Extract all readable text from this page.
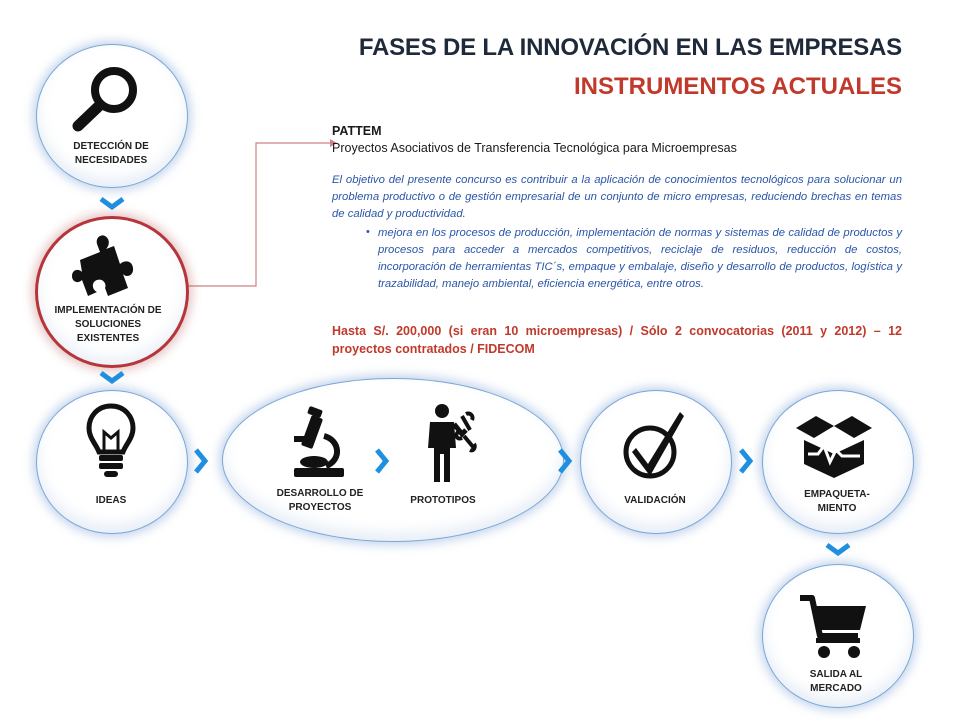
FASES DE LA INNOVACIÓN EN LAS EMPRESAS
INSTRUMENTOS ACTUALES
PATTEM
Proyectos Asociativos de Transferencia Tecnológica para Microempresas
El objetivo del presente concurso es contribuir a la aplicación de conocimientos tecnológicos para solucionar un problema productivo o de gestión empresarial de un conjunto de micro empresas, reduciendo brechas en temas de calidad y productividad.
• mejora en los procesos de producción, implementación de normas y sistemas de calidad de productos y procesos para acceder a mercados competitivos, reciclaje de residuos, reducción de costos, incorporación de herramientas TIC´s, empaque y embalaje, diseño y desarrollo de productos, logística y trazabilidad, manejo ambiental, eficiencia energética, entre otros.
Hasta S/. 200,000 (si eran 10 microempresas) / Sólo 2 convocatorias (2011 y 2012) – 12 proyectos contratados / FIDECOM
DETECCIÓN DE NECESIDADES
IMPLEMENTACIÓN DE SOLUCIONES EXISTENTES
IDEAS
DESARROLLO DE PROYECTOS
PROTOTIPOS	VALIDACIÓN
EMPAQUETA- MIENTO
SALIDA AL MERCADO
